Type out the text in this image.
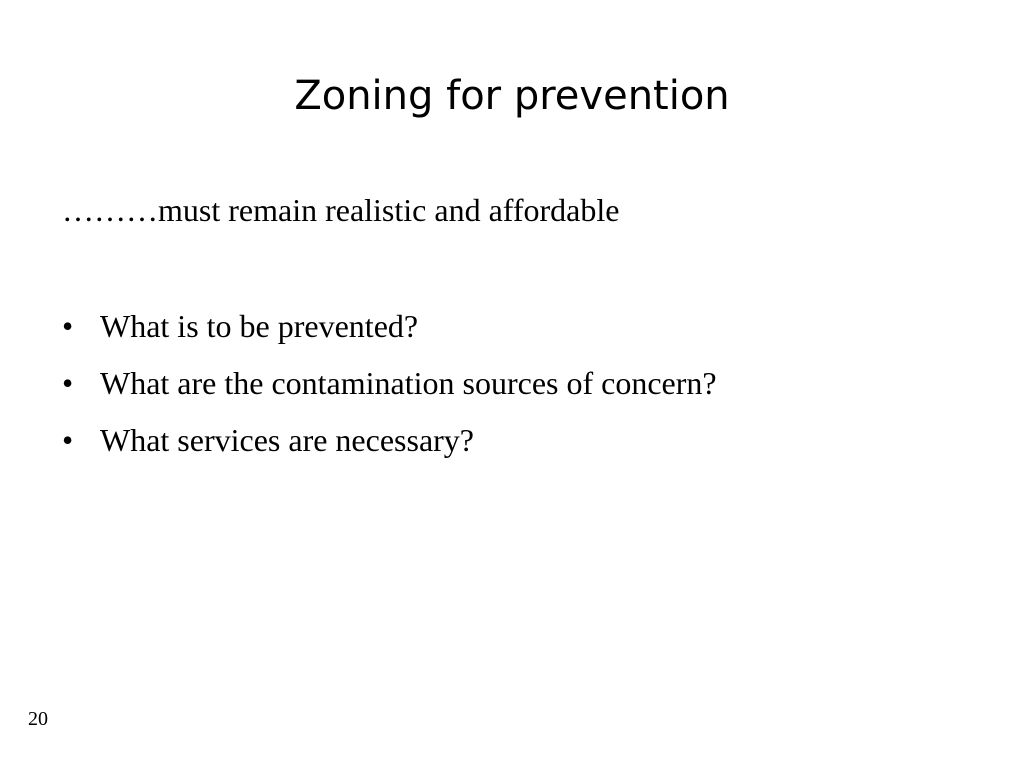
Zoning for prevention

………must remain realistic and affordable

• What is to be prevented?
• What are the contamination sources of concern?
• What services are necessary?

20
